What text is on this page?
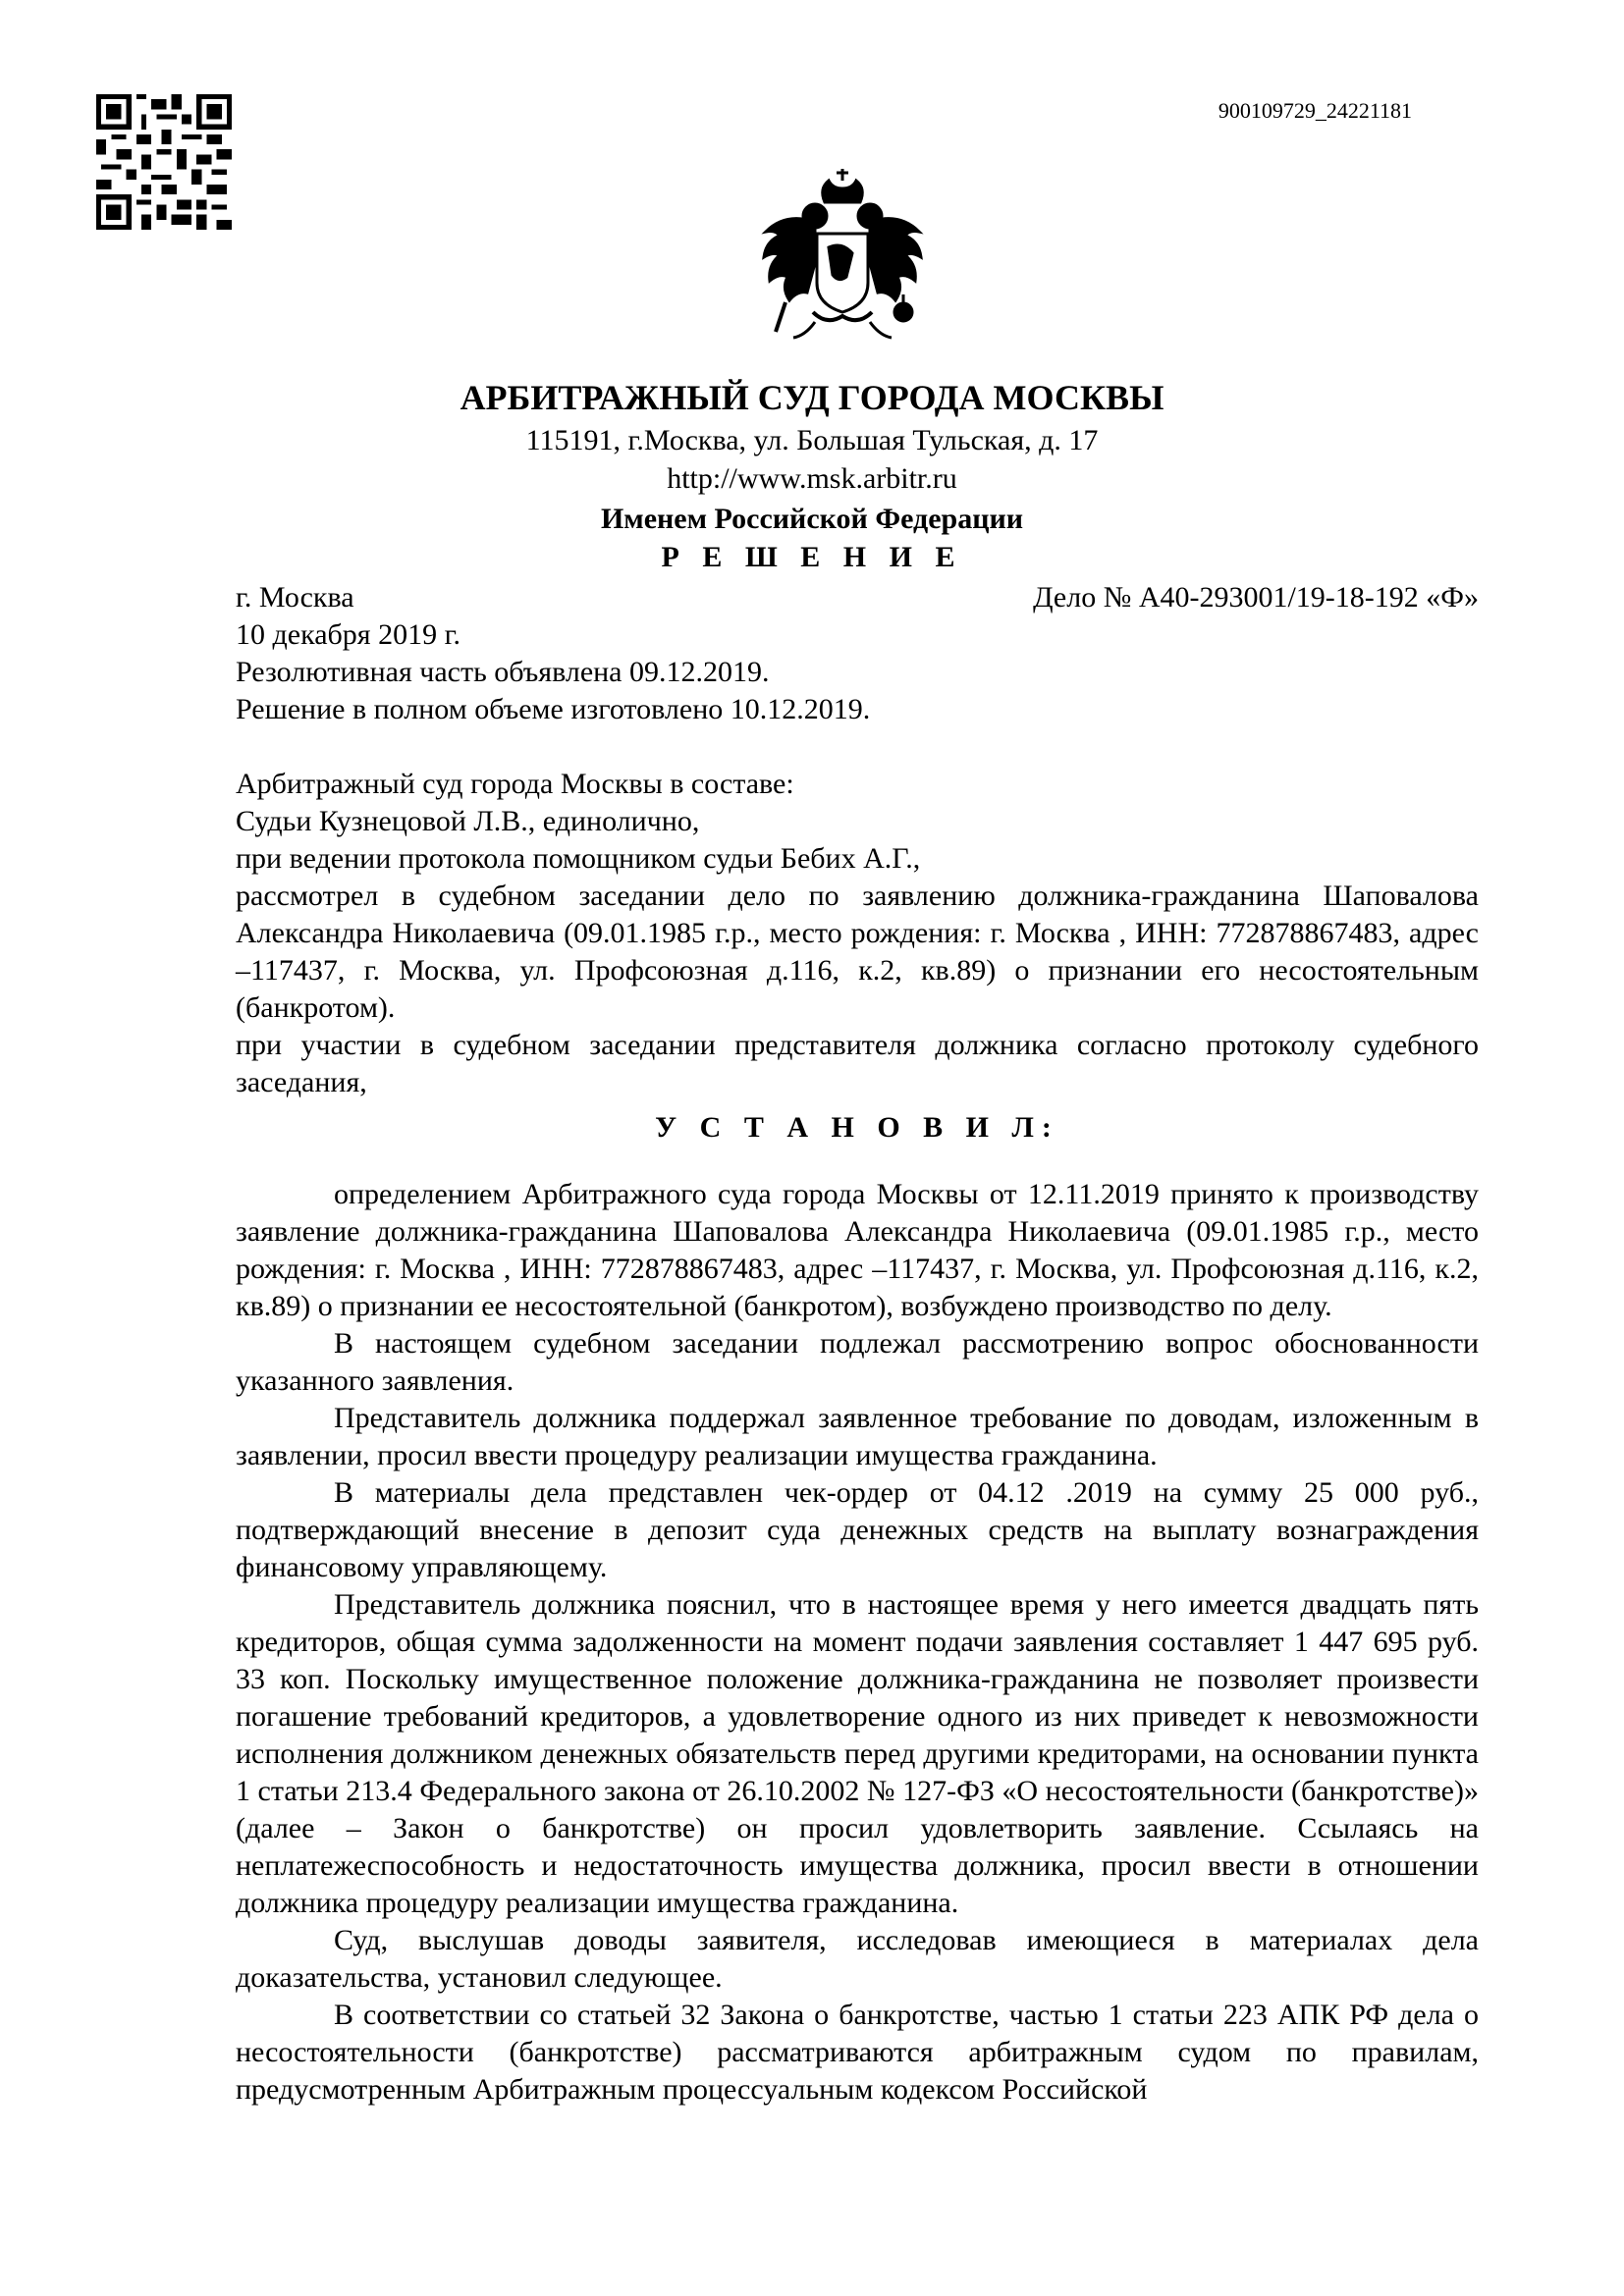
900109729_24221181
АРБИТРАЖНЫЙ СУД ГОРОДА МОСКВЫ
115191, г.Москва, ул. Большая Тульская, д. 17
http://www.msk.arbitr.ru
Именем Российской Федерации
Р Е Ш Е Н И Е
г. Москва	Дело № А40-293001/19-18-192 «Ф»

10 декабря 2019 г.

Резолютивная часть объявлена 09.12.2019.

Решение в полном объеме изготовлено 10.12.2019.

Арбитражный суд города Москвы в составе:

Судьи Кузнецовой Л.В., единолично,

при ведении протокола помощником судьи Бебих А.Г.,

рассмотрел в судебном заседании дело по заявлению должника-гражданина Шаповалова Александра Николаевича (09.01.1985 г.р., место рождения: г. Москва , ИНН: 772878867483, адрес –117437, г. Москва, ул. Профсоюзная д.116, к.2, кв.89) о признании его несостоятельным (банкротом).

при участии в судебном заседании представителя должника согласно протоколу судебного заседания,

У С Т А Н О В И Л:

определением Арбитражного суда города Москвы от 12.11.2019 принято к производству заявление должника-гражданина Шаповалова Александра Николаевича (09.01.1985 г.р., место рождения: г. Москва , ИНН: 772878867483, адрес –117437, г. Москва, ул. Профсоюзная д.116, к.2, кв.89) о признании ее несостоятельной (банкротом), возбуждено производство по делу.

В настоящем судебном заседании подлежал рассмотрению вопрос обоснованности указанного заявления.

Представитель должника поддержал заявленное требование по доводам, изложенным в заявлении, просил ввести процедуру реализации имущества гражданина.

В материалы дела представлен чек-ордер от 04.12 .2019 на сумму 25 000 руб., подтверждающий внесение в депозит суда денежных средств на выплату вознаграждения финансовому управляющему.

Представитель должника пояснил, что в настоящее время у него имеется двадцать пять кредиторов, общая сумма задолженности на момент подачи заявления составляет 1 447 695 руб. 33 коп. Поскольку имущественное положение должника-гражданина не позволяет произвести погашение требований кредиторов, а удовлетворение одного из них приведет к невозможности исполнения должником денежных обязательств перед другими кредиторами, на основании пункта 1 статьи 213.4 Федерального закона от 26.10.2002 № 127-ФЗ «О несостоятельности (банкротстве)» (далее – Закон о банкротстве) он просил удовлетворить заявление. Ссылаясь на неплатежеспособность и недостаточность имущества должника, просил ввести в отношении должника процедуру реализации имущества гражданина.

Суд, выслушав доводы заявителя, исследовав имеющиеся в материалах дела доказательства, установил следующее.

В соответствии со статьей 32 Закона о банкротстве, частью 1 статьи 223 АПК РФ дела о несостоятельности (банкротстве) рассматриваются арбитражным судом по правилам, предусмотренным Арбитражным процессуальным кодексом Российской
